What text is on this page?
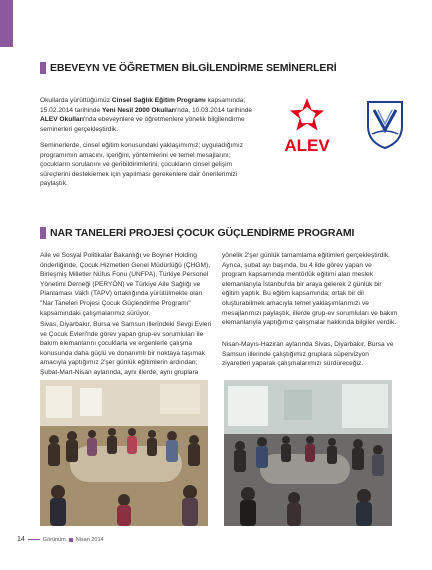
EBEVEYN VE ÖĞRETMEN BİLGİLENDİRME SEMİNERLERİ
Okullarda yürüttüğümüz Cinsel Sağlık Eğitim Programı kapsamında; 15.02.2014 tarihinde Yeni Nesil 2000 Okulları'nda, 10.03.2014 tarihinde ALEV Okulları'nda ebeveynlere ve öğretmenlere yönelik bilgilendirme seminerleri gerçekleştirdik.
Seminerlerde, cinsel eğitim konusundaki yaklaşımımız; uyguladığımız programımın amacını, içeriğini, yöntemlerini ve temel mesajlarını; çocukların sorulanını ve geribildirimlerini; çocukların cinsel gelişim süreçlerini destekiemek için yapılması gerekenlere dair önerilerimizi paylaştık.
ALEV
NAR TANELERİ PROJESİ ÇOCUK GÜÇLENDİRME PROGRAMI
Aile ve Sosyal Politikalar Bakanlığı ve Boyner Holding önderliğinde, Çocuk Hizmetleri Genel Müdürlüğü (ÇHGM), Birleşmiş Milletler Nüfus Fonu (UNFPA), Türkiye Personel Yönetimi Derneği (PERYÖN) ve Türkiye Aile Sağlığı ve Planlaması Vakfı (TAPV) ortaklığında yürütülmekte olan "Nar Taneleri Projesi Çocuk Güçlendirme Programı" kapsamındaki çalışmalarımız sürüyor.
Sivas, Diyarbakır, Bursa ve Samsun illerindeki Sevgi Evleri ve Çocuk Evleri'nde görev yapan grup-ev sorumluları ile bakım elemanlarını çocuklarla ve ergenlerle çalışma konusunda daha güçlü ve donanımlı bir noktaya taşımak amacıyla yaptığımız 2'şer günlük eğitimlerin ardından; Şubat-Mart-Nisan aylarında, aynı illerde, aynı gruplara
yönelik 2'şer günlük tamamlama eğitimleri gerçekleştirdik. Ayrıca, şubat ayı başında, bu 4 ilde görev yapan ve program kapsamında mentörlük eğitimi alan meslek elemanlarıyla İstanbul'da bir araya gelerek 2 günlük bir eğitim yaptık. Bu eğitim kapsamında; ortak bir dil oluşturabilmek amacıyla temel yaklaşımlarımızı ve mesajlarımızı paylaştık, illerde grup-ev sorumluları ve bakım elemanlarıyla yaptığımız çalışmalar hakkında bilgiler verdik.
Nisan-Mayıs-Haziran aylarında Sivas, Diyarbakır, Bursa ve Samsun illerinde çalıştığımız gruplara süpervizyon ziyaretleri yaparak çalışmalarımızı sürdüreceğiz.
14	Görünüm Nisan 2014
